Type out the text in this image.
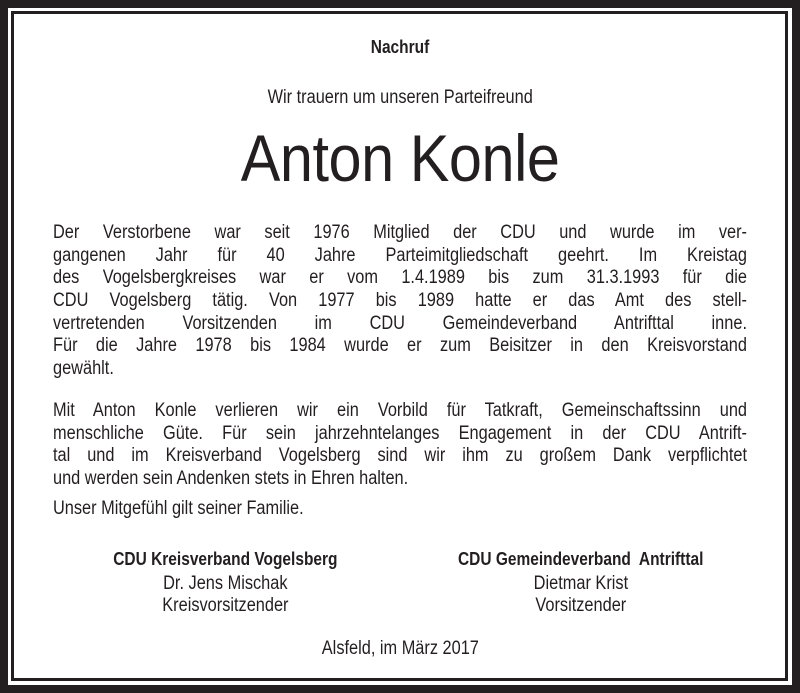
Nachruf
Wir trauern um unseren Parteifreund
Anton Konle
Der Verstorbene war seit 1976 Mitglied der CDU und wurde im ver-
gangenen Jahr für 40 Jahre Parteimitgliedschaft geehrt. Im Kreistag
des Vogelsbergkreises war er vom 1.4.1989 bis zum 31.3.1993 für die
CDU Vogelsberg tätig. Von 1977 bis 1989 hatte er das Amt des stell-
vertretenden Vorsitzenden im CDU Gemeindeverband Antrifttal inne.
Für die Jahre 1978 bis 1984 wurde er zum Beisitzer in den Kreisvorstand
gewählt.
Mit Anton Konle verlieren wir ein Vorbild für Tatkraft, Gemeinschaftssinn und
menschliche Güte. Für sein jahrzehntelanges Engagement in der CDU Antrift-
tal und im Kreisverband Vogelsberg sind wir ihm zu großem Dank verpflichtet
und werden sein Andenken stets in Ehren halten.
Unser Mitgefühl gilt seiner Familie.
CDU Kreisverband Vogelsberg
Dr. Jens Mischak
Kreisvorsitzender
CDU Gemeindeverband  Antrifttal
Dietmar Krist
Vorsitzender
Alsfeld, im März 2017
